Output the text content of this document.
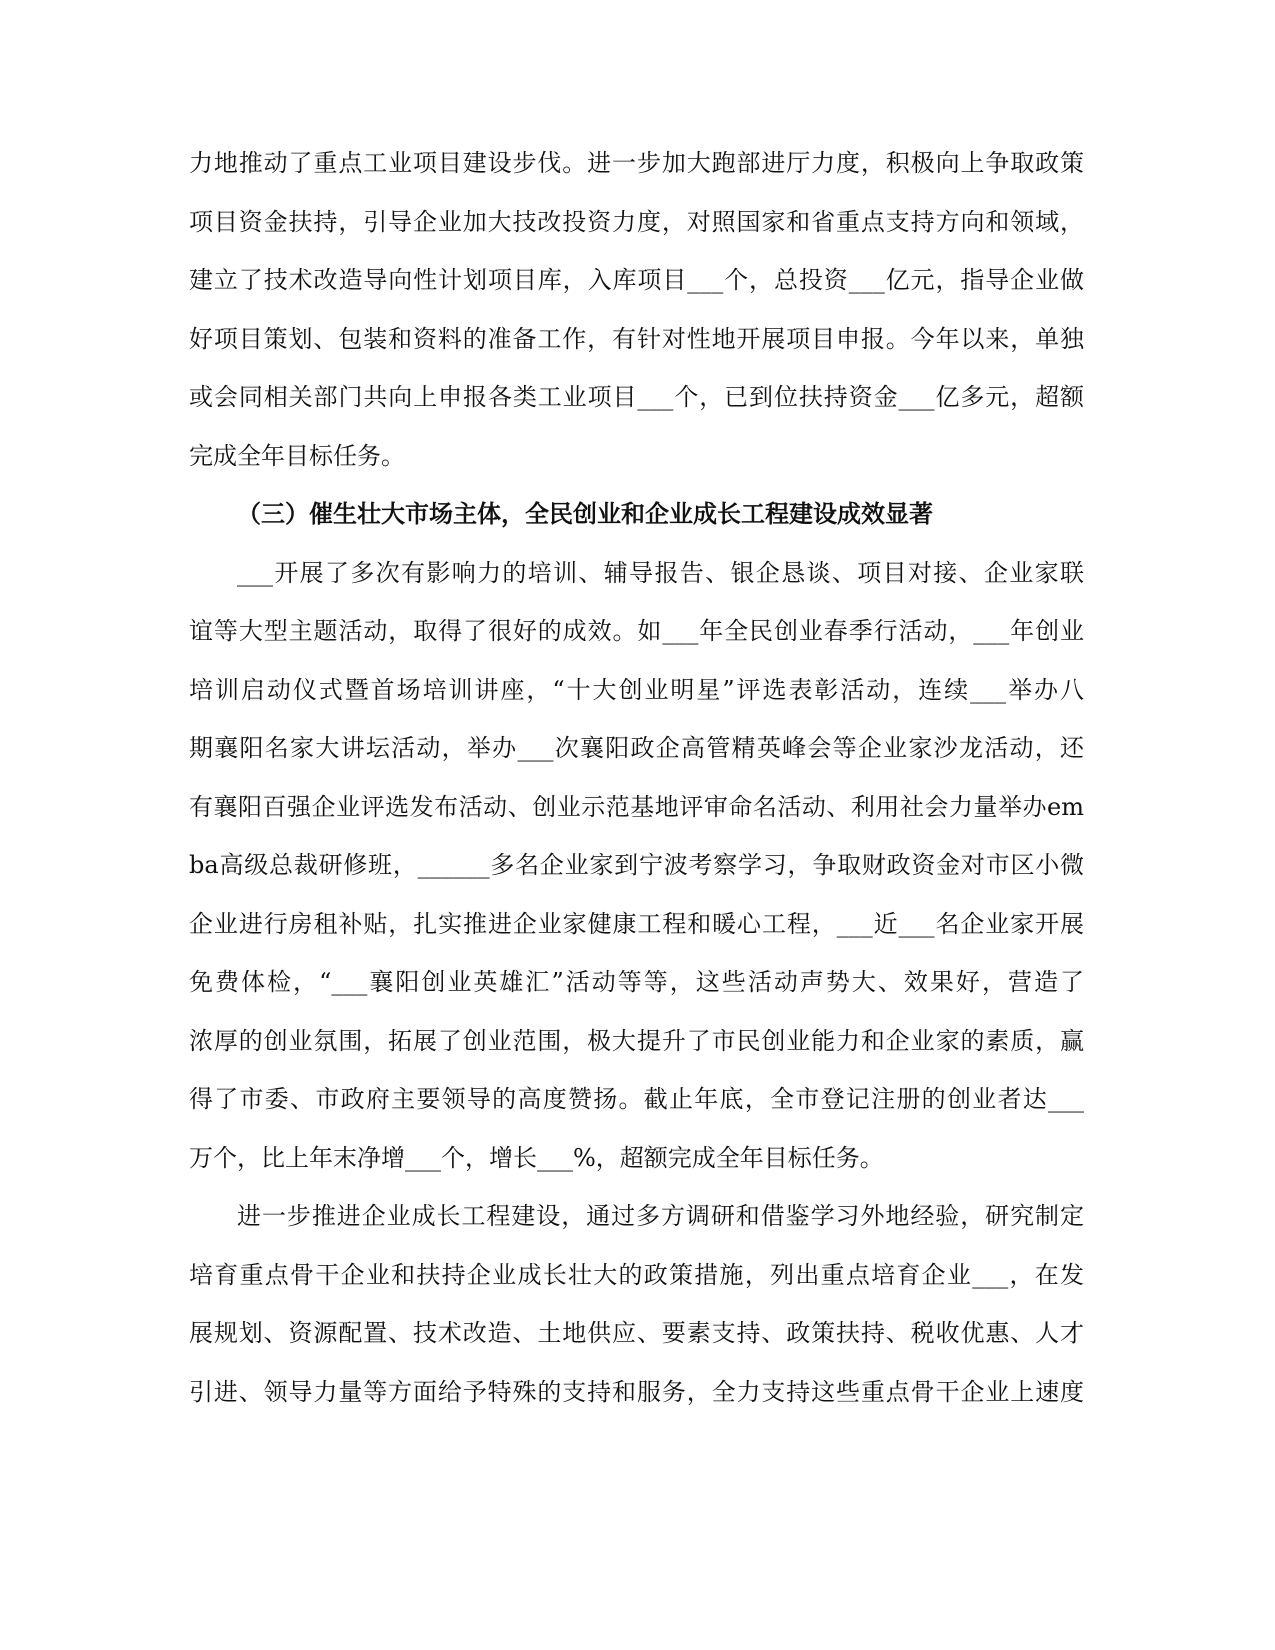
力地推动了重点工业项目建设步伐。进一步加大跑部进厅力度，积极向上争取政策
项目资金扶持，引导企业加大技改投资力度，对照国家和省重点支持方向和领域，
建立了技术改造导向性计划项目库，入库项目___个，总投资___亿元，指导企业做
好项目策划、包装和资料的准备工作，有针对性地开展项目申报。今年以来，单独
或会同相关部门共向上申报各类工业项目___个，已到位扶持资金___亿多元，超额
完成全年目标任务。
（三）催生壮大市场主体，全民创业和企业成长工程建设成效显著
___开展了多次有影响力的培训、辅导报告、银企恳谈、项目对接、企业家联
谊等大型主题活动，取得了很好的成效。如___年全民创业春季行活动，___年创业
培训启动仪式暨首场培训讲座，“十大创业明星”评选表彰活动，连续___举办八
期襄阳名家大讲坛活动，举办___次襄阳政企高管精英峰会等企业家沙龙活动，还
有襄阳百强企业评选发布活动、创业示范基地评审命名活动、利用社会力量举办em
ba高级总裁研修班，______多名企业家到宁波考察学习，争取财政资金对市区小微
企业进行房租补贴，扎实推进企业家健康工程和暖心工程，___近___名企业家开展
免费体检，“___襄阳创业英雄汇”活动等等，这些活动声势大、效果好，营造了
浓厚的创业氛围，拓展了创业范围，极大提升了市民创业能力和企业家的素质，赢
得了市委、市政府主要领导的高度赞扬。截止年底，全市登记注册的创业者达___
万个，比上年末净增___个，增长___%，超额完成全年目标任务。
进一步推进企业成长工程建设，通过多方调研和借鉴学习外地经验，研究制定
培育重点骨干企业和扶持企业成长壮大的政策措施，列出重点培育企业___，在发
展规划、资源配置、技术改造、土地供应、要素支持、政策扶持、税收优惠、人才
引进、领导力量等方面给予特殊的支持和服务，全力支持这些重点骨干企业上速度
